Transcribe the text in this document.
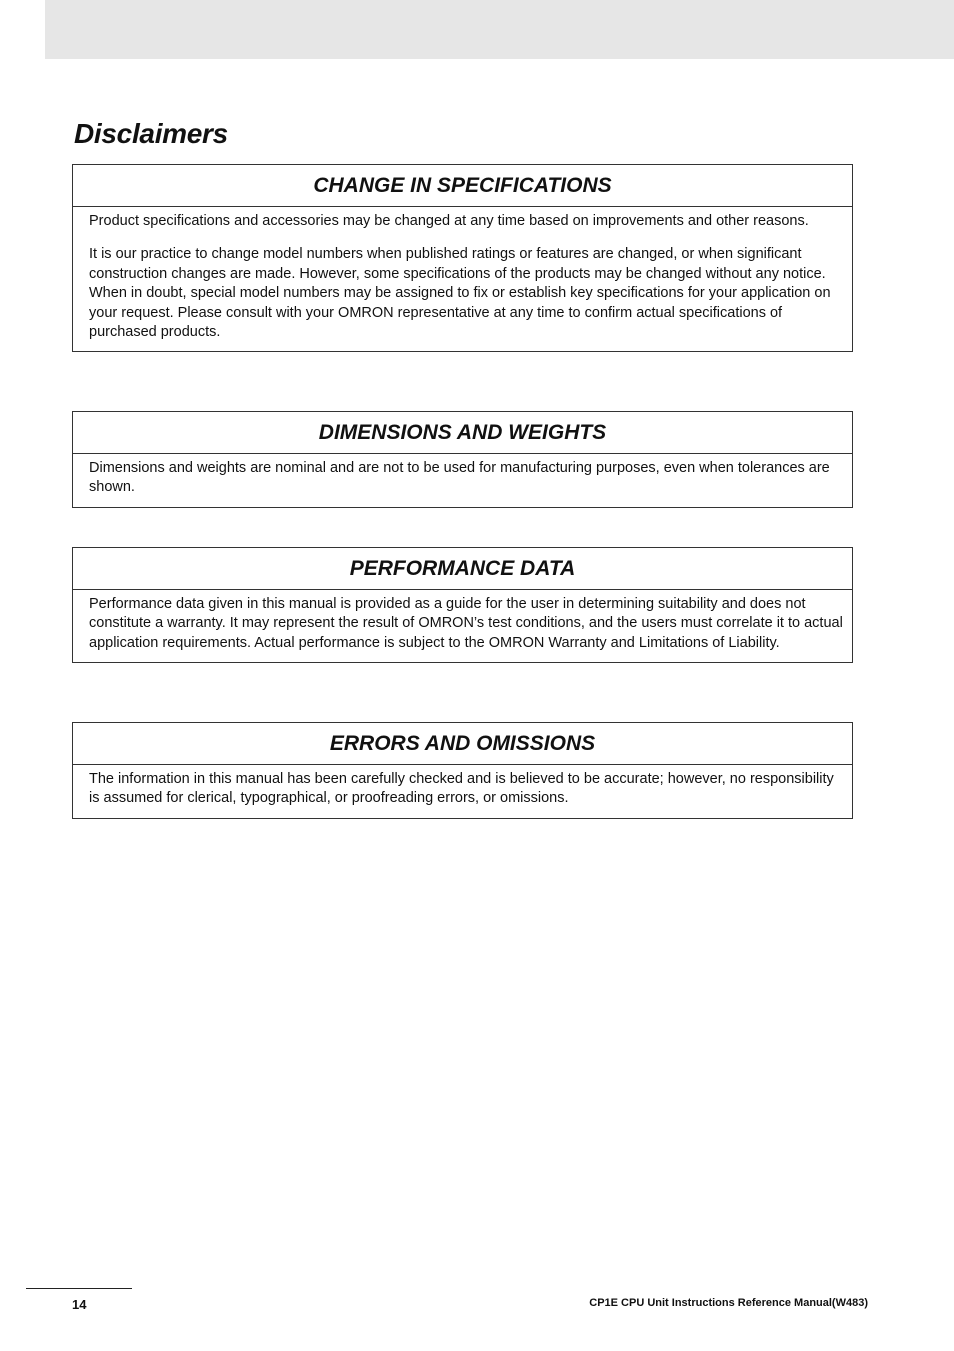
Disclaimers
CHANGE IN SPECIFICATIONS

Product specifications and accessories may be changed at any time based on improvements and other reasons.

It is our practice to change model numbers when published ratings or features are changed, or when significant construction changes are made. However, some specifications of the products may be changed without any notice. When in doubt, special model numbers may be assigned to fix or establish key specifications for your application on your request. Please consult with your OMRON representative at any time to confirm actual specifications of purchased products.

DIMENSIONS AND WEIGHTS

Dimensions and weights are nominal and are not to be used for manufacturing purposes, even when tolerances are shown.

PERFORMANCE DATA

Performance data given in this manual is provided as a guide for the user in determining suitability and does not constitute a warranty. It may represent the result of OMRON’s test conditions, and the users must correlate it to actual application requirements. Actual performance is subject to the OMRON Warranty and Limitations of Liability.

ERRORS AND OMISSIONS

The information in this manual has been carefully checked and is believed to be accurate; however, no responsibility is assumed for clerical, typographical, or proofreading errors, or omissions.

14	CP1E CPU Unit Instructions Reference Manual(W483)
